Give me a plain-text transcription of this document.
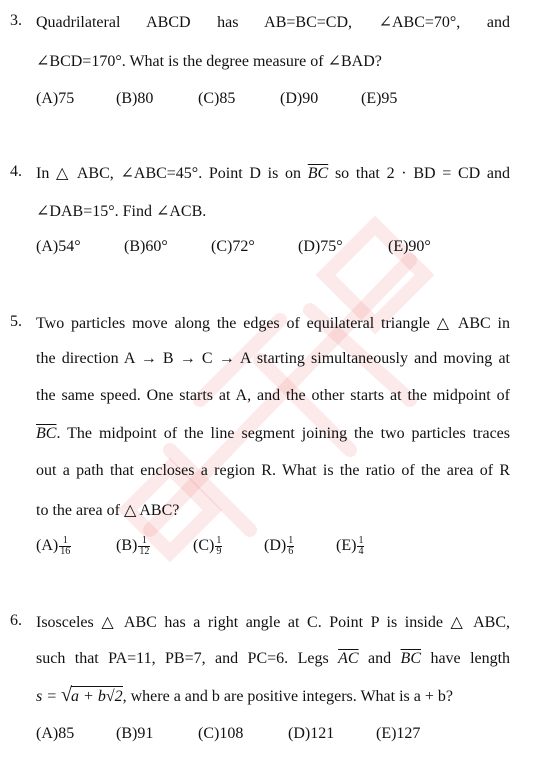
3. Quadrilateral ABCD has AB=BC=CD, ∠ABC=70°, and
∠BCD=170°. What is the degree measure of ∠BAD?
(A)75	(B)80	(C)85	(D)90	(E)95
4. In △ ABC, ∠ABC=45°. Point D is on $\overline{BC}$ so that 2 · BD = CD and
∠DAB=15°. Find ∠ACB.
(A)54°	(B)60°	(C)72°	(D)75°	(E)90°
5. Two particles move along the edges of equilateral triangle △ ABC in
the direction A → B → C → A starting simultaneously and moving at
the same speed. One starts at A, and the other starts at the midpoint of
$\overline{BC}$. The midpoint of the line segment joining the two particles traces
out a path that encloses a region R. What is the ratio of the area of R
to the area of △ ABC?
$(A) \frac{1}{16}$	$(B) \frac{1}{12}$	$(C) \frac{1}{9}$	$(D) \frac{1}{6}$	$(E) \frac{1}{4}$
6. Isosceles △ ABC has a right angle at C. Point P is inside △ ABC,
such that PA=11, PB=7, and PC=6. Legs $\overline{AC}$ and $\overline{BC}$ have length
s = √ a + b√2, where a and b are positive integers. What is a + b?
(A)85	(B)91	(C)108	(D)121	(E)127
